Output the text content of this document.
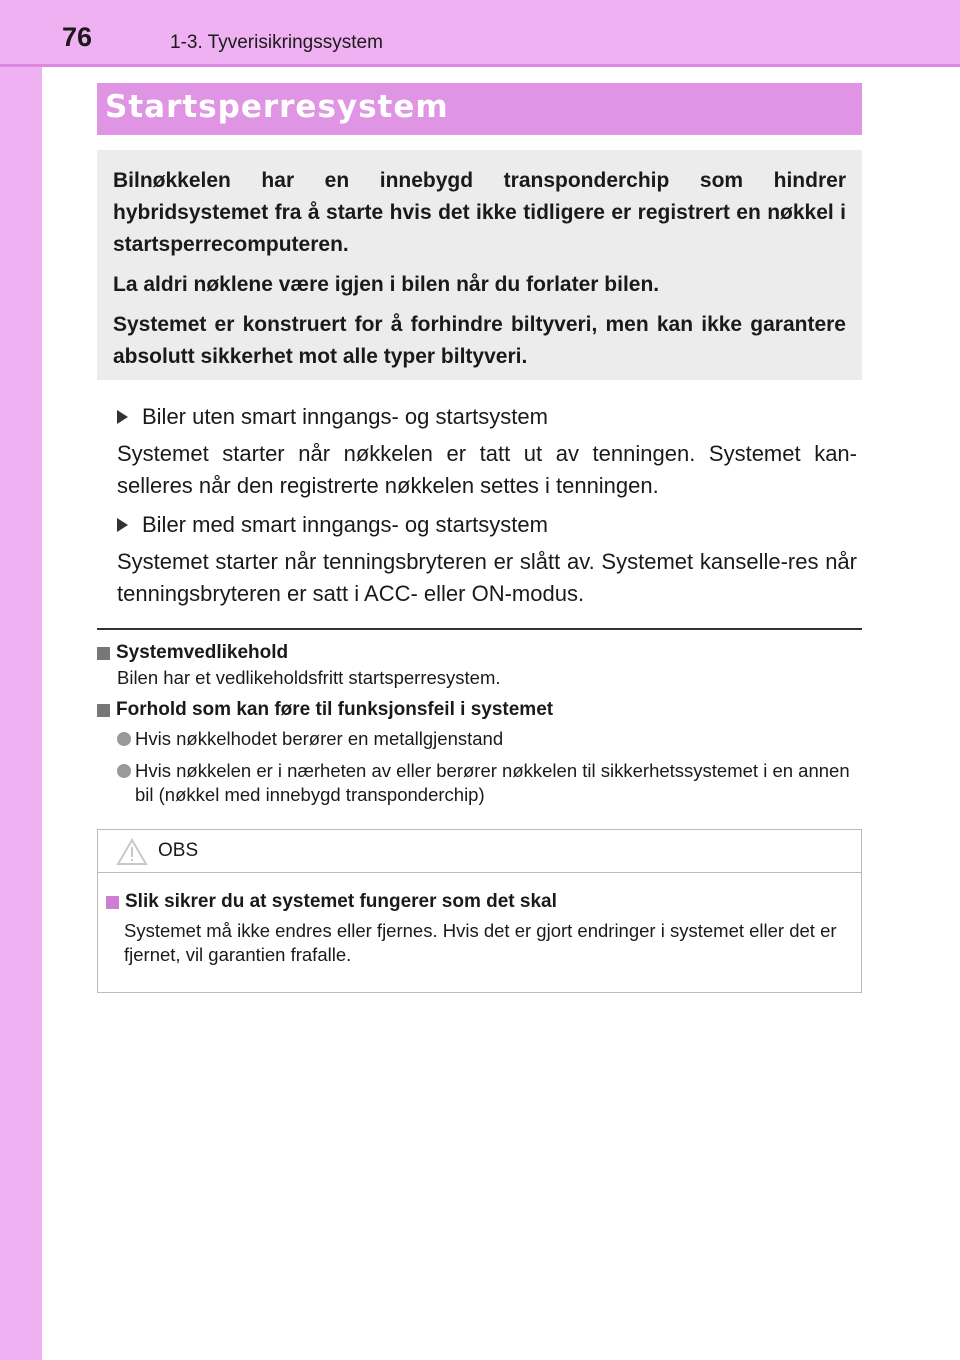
76	1-3. Tyverisikringssystem
Startsperresystem

Bilnøkkelen har en innebygd transponderchip som hindrer hybridsystemet fra å starte hvis det ikke tidligere er registrert en nøkkel i startsperrecomputeren.

La aldri nøklene være igjen i bilen når du forlater bilen.

Systemet er konstruert for å forhindre biltyveri, men kan ikke garantere absolutt sikkerhet mot alle typer biltyveri.

Biler uten smart inngangs- og startsystem
Systemet starter når nøkkelen er tatt ut av tenningen. Systemet kan-selleres når den registrerte nøkkelen settes i tenningen.
Biler med smart inngangs- og startsystem
Systemet starter når tenningsbryteren er slått av. Systemet kanselle-res når tenningsbryteren er satt i ACC- eller ON-modus.
Systemvedlikehold
Bilen har et vedlikeholdsfritt startsperresystem.
Forhold som kan føre til funksjonsfeil i systemet
Hvis nøkkelhodet berører en metallgjenstand
Hvis nøkkelen er i nærheten av eller berører nøkkelen til sikkerhetssystemet i en annen bil (nøkkel med innebygd transponderchip)
OBS
Slik sikrer du at systemet fungerer som det skal
Systemet må ikke endres eller fjernes. Hvis det er gjort endringer i systemet eller det er fjernet, vil garantien frafalle.
